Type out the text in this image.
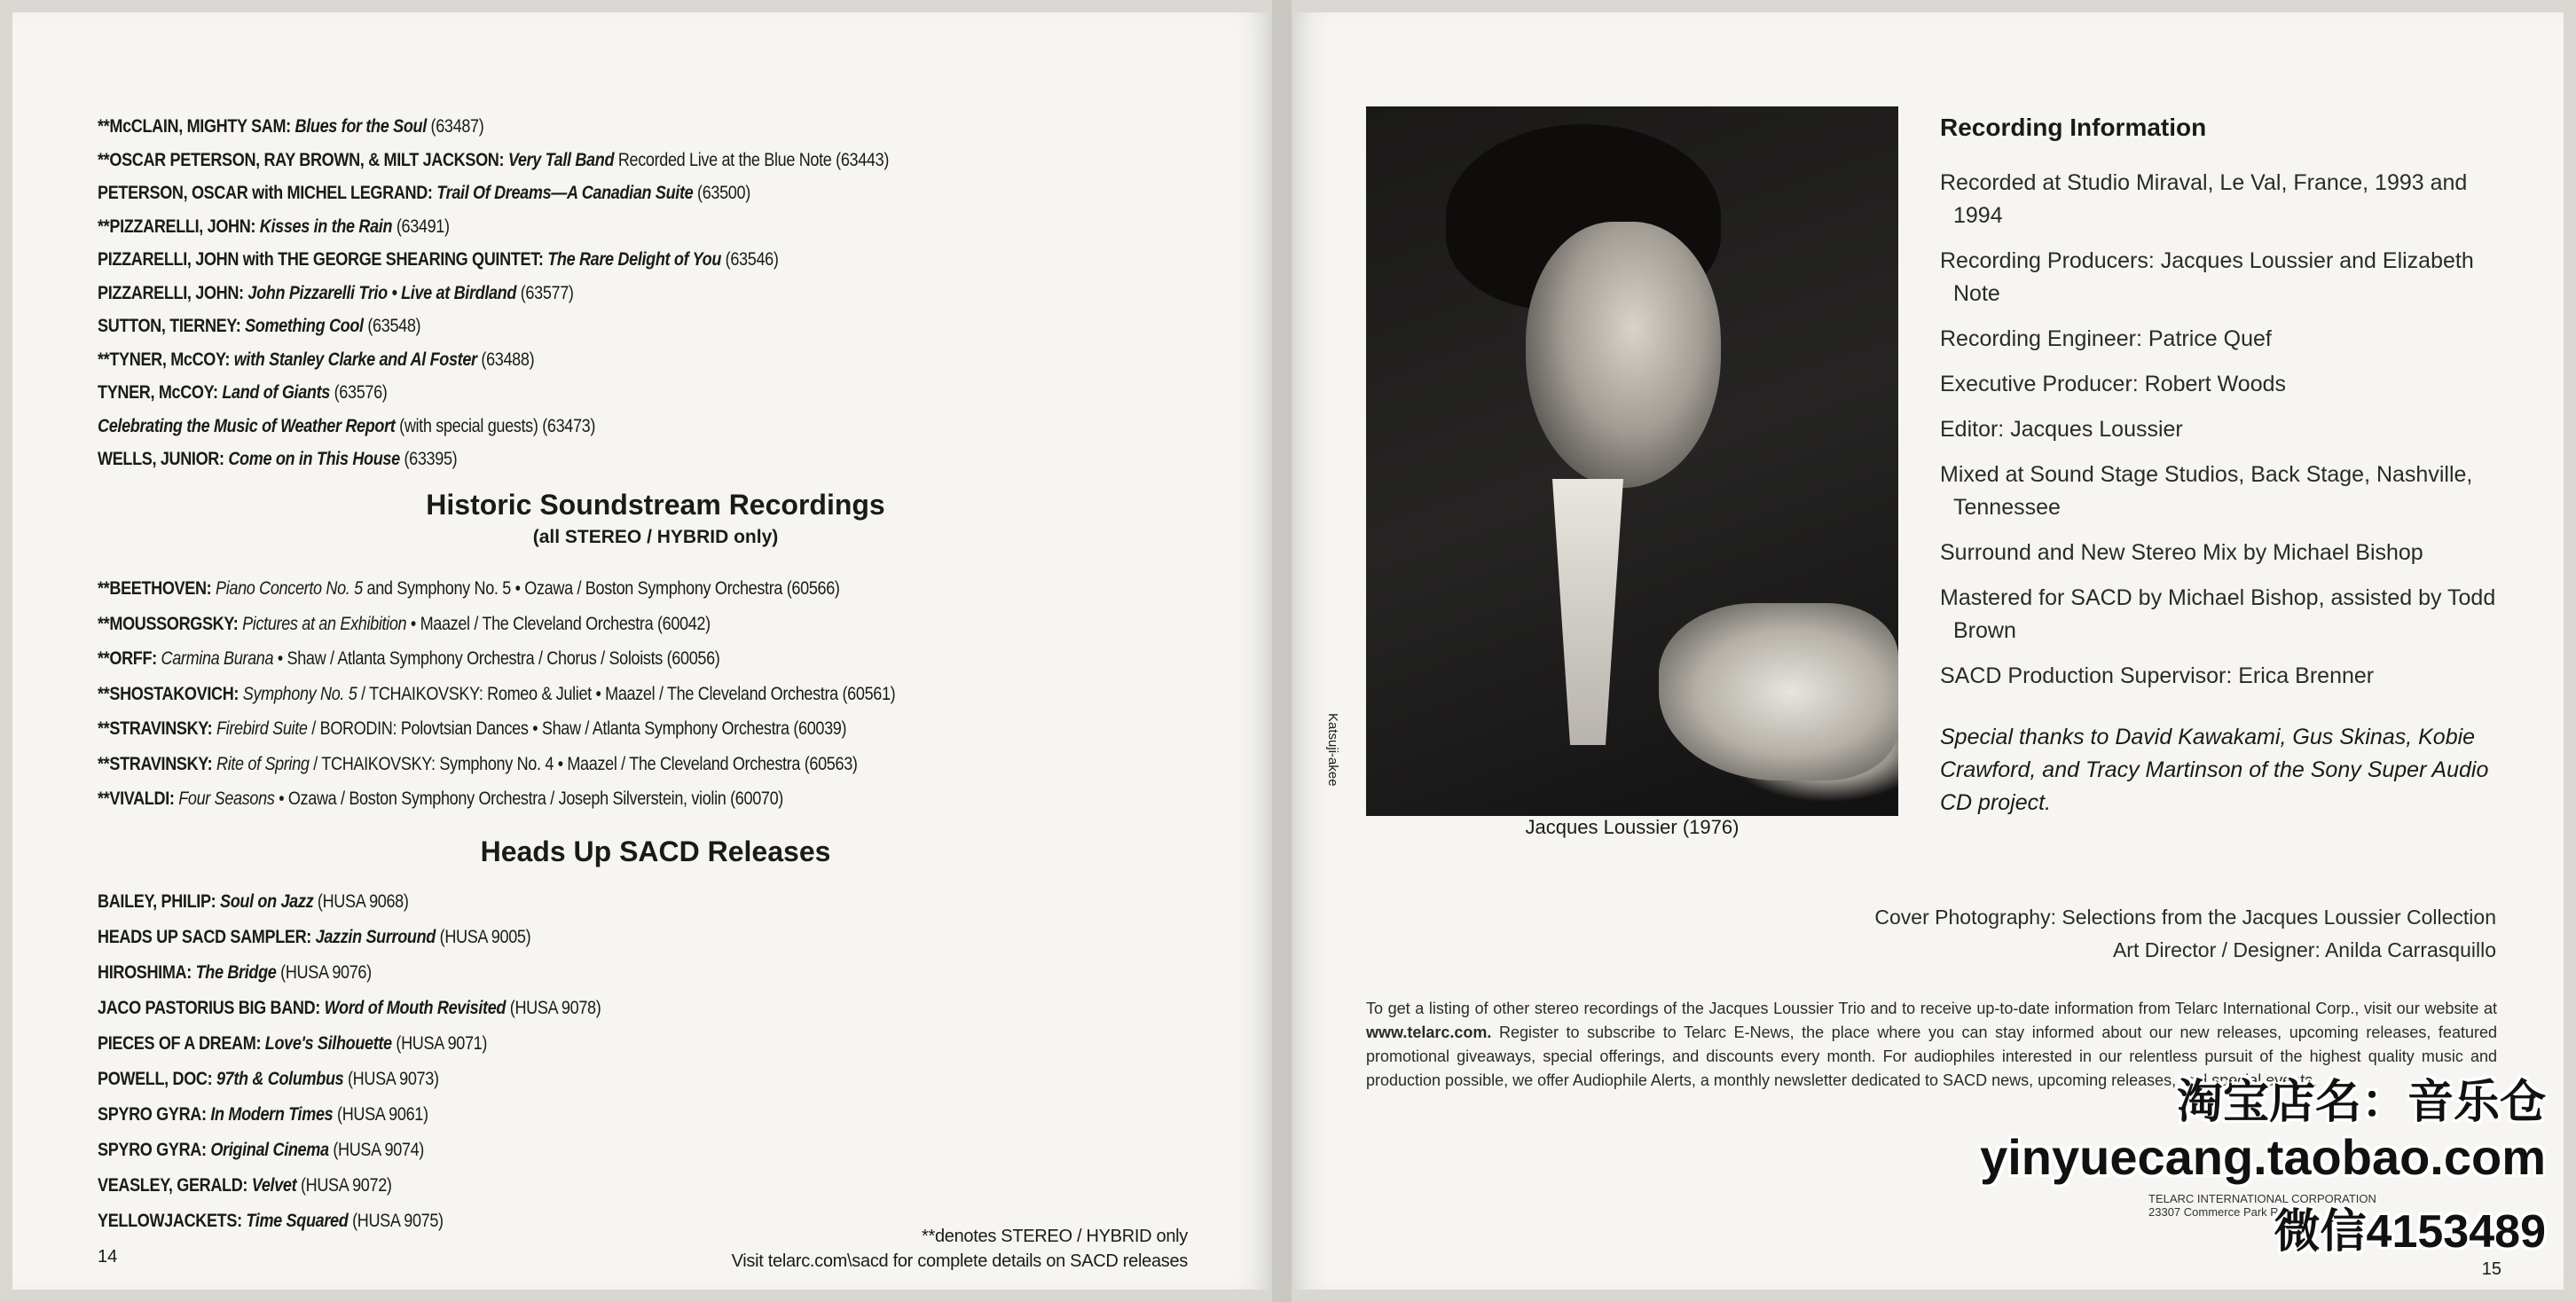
**McCLAIN, MIGHTY SAM: Blues for the Soul (63487)
**OSCAR PETERSON, RAY BROWN, & MILT JACKSON: Very Tall Band Recorded Live at the Blue Note (63443)
PETERSON, OSCAR with MICHEL LEGRAND: Trail Of Dreams—A Canadian Suite (63500)
**PIZZARELLI, JOHN: Kisses in the Rain (63491)
PIZZARELLI, JOHN with THE GEORGE SHEARING QUINTET: The Rare Delight of You (63546)
PIZZARELLI, JOHN: John Pizzarelli Trio • Live at Birdland (63577)
SUTTON, TIERNEY: Something Cool (63548)
**TYNER, McCOY: with Stanley Clarke and Al Foster (63488)
TYNER, McCOY: Land of Giants (63576)
Celebrating the Music of Weather Report (with special guests) (63473)
WELLS, JUNIOR: Come on in This House (63395)
Historic Soundstream Recordings
(all STEREO / HYBRID only)
**BEETHOVEN: Piano Concerto No. 5 and Symphony No. 5 • Ozawa / Boston Symphony Orchestra (60566)
**MOUSSORGSKY: Pictures at an Exhibition • Maazel / The Cleveland Orchestra (60042)
**ORFF: Carmina Burana • Shaw / Atlanta Symphony Orchestra / Chorus / Soloists (60056)
**SHOSTAKOVICH: Symphony No. 5 / TCHAIKOVSKY: Romeo & Juliet • Maazel / The Cleveland Orchestra (60561)
**STRAVINSKY: Firebird Suite / BORODIN: Polovtsian Dances • Shaw / Atlanta Symphony Orchestra (60039)
**STRAVINSKY: Rite of Spring / TCHAIKOVSKY: Symphony No. 4 • Maazel / The Cleveland Orchestra (60563)
**VIVALDI: Four Seasons • Ozawa / Boston Symphony Orchestra / Joseph Silverstein, violin (60070)
Heads Up SACD Releases
BAILEY, PHILIP: Soul on Jazz (HUSA 9068)
HEADS UP SACD SAMPLER: Jazzin Surround (HUSA 9005)
HIROSHIMA: The Bridge (HUSA 9076)
JACO PASTORIUS BIG BAND: Word of Mouth Revisited (HUSA 9078)
PIECES OF A DREAM: Love's Silhouette (HUSA 9071)
POWELL, DOC: 97th & Columbus (HUSA 9073)
SPYRO GYRA: In Modern Times (HUSA 9061)
SPYRO GYRA: Original Cinema (HUSA 9074)
VEASLEY, GERALD: Velvet (HUSA 9072)
YELLOWJACKETS: Time Squared (HUSA 9075)
**denotes STEREO / HYBRID only
Visit telarc.com\sacd for complete details on SACD releases
14
Katsuji-akee
Jacques Loussier (1976)
Recording Information

Recorded at Studio Miraval, Le Val, France, 1993 and 1994

Recording Producers: Jacques Loussier and Elizabeth Note

Recording Engineer: Patrice Quef

Executive Producer: Robert Woods

Editor: Jacques Loussier

Mixed at Sound Stage Studios, Back Stage, Nashville, Tennessee

Surround and New Stereo Mix by Michael Bishop

Mastered for SACD by Michael Bishop, assisted by Todd Brown

SACD Production Supervisor: Erica Brenner

Special thanks to David Kawakami, Gus Skinas, Kobie Crawford, and Tracy Martinson of the Sony Super Audio CD project.

Cover Photography: Selections from the Jacques Loussier Collection
Art Director / Designer: Anilda Carrasquillo
To get a listing of other stereo recordings of the Jacques Loussier Trio and to receive up-to-date information from Telarc International Corp., visit our website at www.telarc.com. Register to subscribe to Telarc E-News, the place where you can stay informed about our new releases, upcoming releases, featured promotional giveaways, special offerings, and discounts every month. For audiophiles interested in our relentless pursuit of the highest quality music and production possible, we offer Audiophile Alerts, a monthly newsletter dedicated to SACD news, upcoming releases, and special events.
TELARC INTERNATIONAL CORPORATION
23307 Commerce Park Road
15
淘宝店名：音乐仓
yinyuecang.taobao.com
微信4153489
